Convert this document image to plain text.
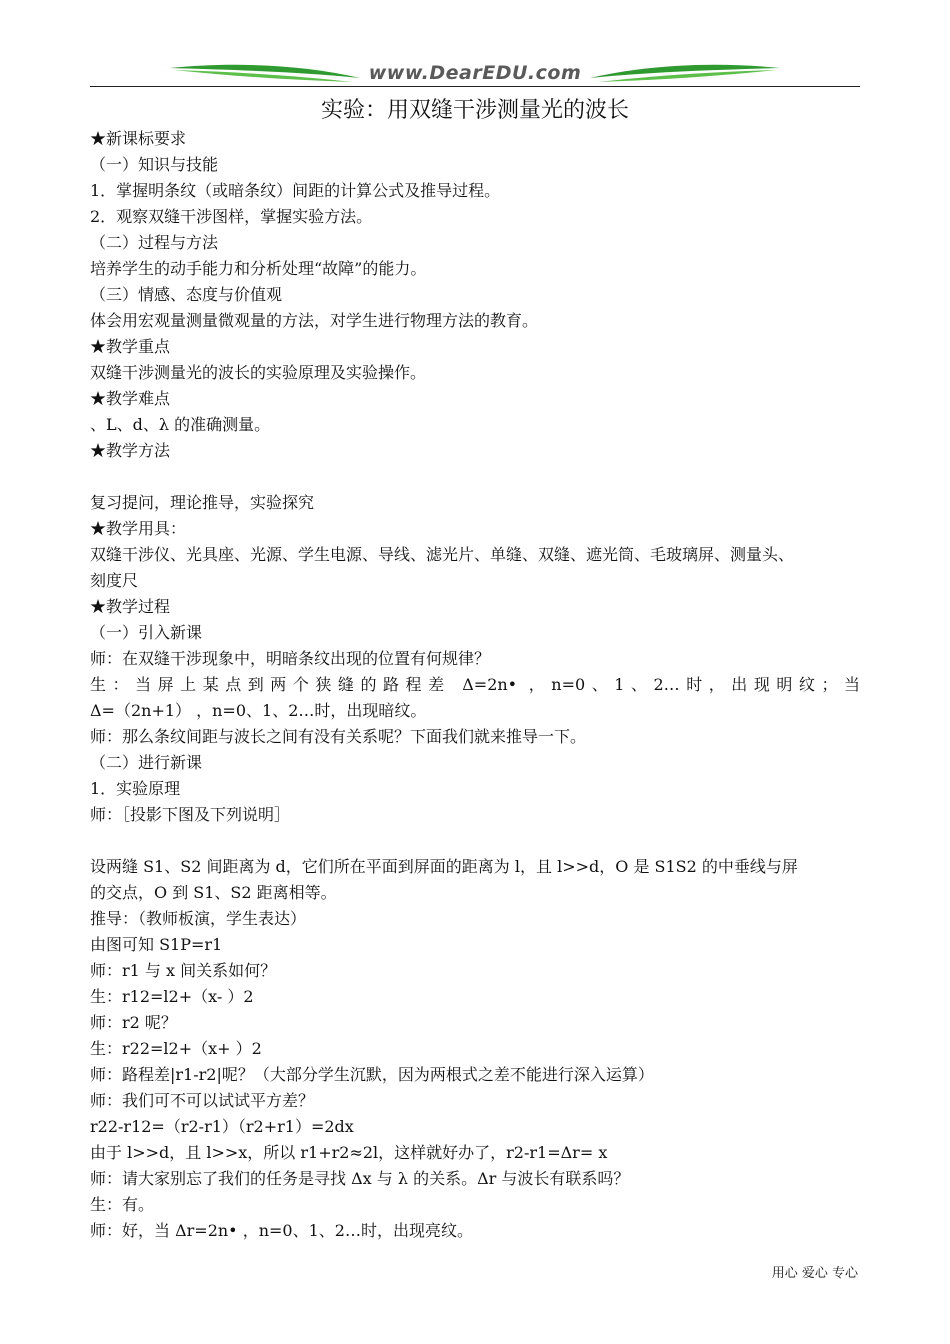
www.DearEDU.com
实验：用双缝干涉测量光的波长

★新课标要求

（一）知识与技能

1．掌握明条纹（或暗条纹）间距的计算公式及推导过程。

2．观察双缝干涉图样，掌握实验方法。

（二）过程与方法

培养学生的动手能力和分析处理“故障”的能力。

（三）情感、态度与价值观

体会用宏观量测量微观量的方法，对学生进行物理方法的教育。

★教学重点

双缝干涉测量光的波长的实验原理及实验操作。

★教学难点

、L、d、λ 的准确测量。

★教学方法

复习提问，理论推导，实验探究

★教学用具：

双缝干涉仪、光具座、光源、学生电源、导线、滤光片、单缝、双缝、遮光筒、毛玻璃屏、测量头、

刻度尺

★教学过程

（一）引入新课

师：在双缝干涉现象中，明暗条纹出现的位置有何规律？

生：当屏上某点到两个狭缝的路程差 Δ=2n• ，n=0、1、2…时，出现明纹；当

Δ=（2n+1） ，n=0、1、2…时，出现暗纹。

师：那么条纹间距与波长之间有没有关系呢？下面我们就来推导一下。

（二）进行新课

1．实验原理

师：［投影下图及下列说明］

设两缝 S1、S2 间距离为 d，它们所在平面到屏面的距离为 l，且 l>>d，O 是 S1S2 的中垂线与屏

的交点，O 到 S1、S2 距离相等。

推导：（教师板演，学生表达）

由图可知 S1P=r1

师：r1 与 x 间关系如何？

生：r12=l2+（x- ）2

师：r2 呢？

生：r22=l2+（x+ ）2

师：路程差|r1-r2|呢？（大部分学生沉默，因为两根式之差不能进行深入运算）

师：我们可不可以试试平方差？

r22-r12=（r2-r1）（r2+r1）=2dx

由于 l>>d，且 l>>x，所以 r1+r2≈2l，这样就好办了，r2-r1=Δr= x

师：请大家别忘了我们的任务是寻找 Δx 与 λ 的关系。Δr 与波长有联系吗？

生：有。

师：好，当 Δr=2n• ，n=0、1、2…时，出现亮纹。

用心 爱心 专心
